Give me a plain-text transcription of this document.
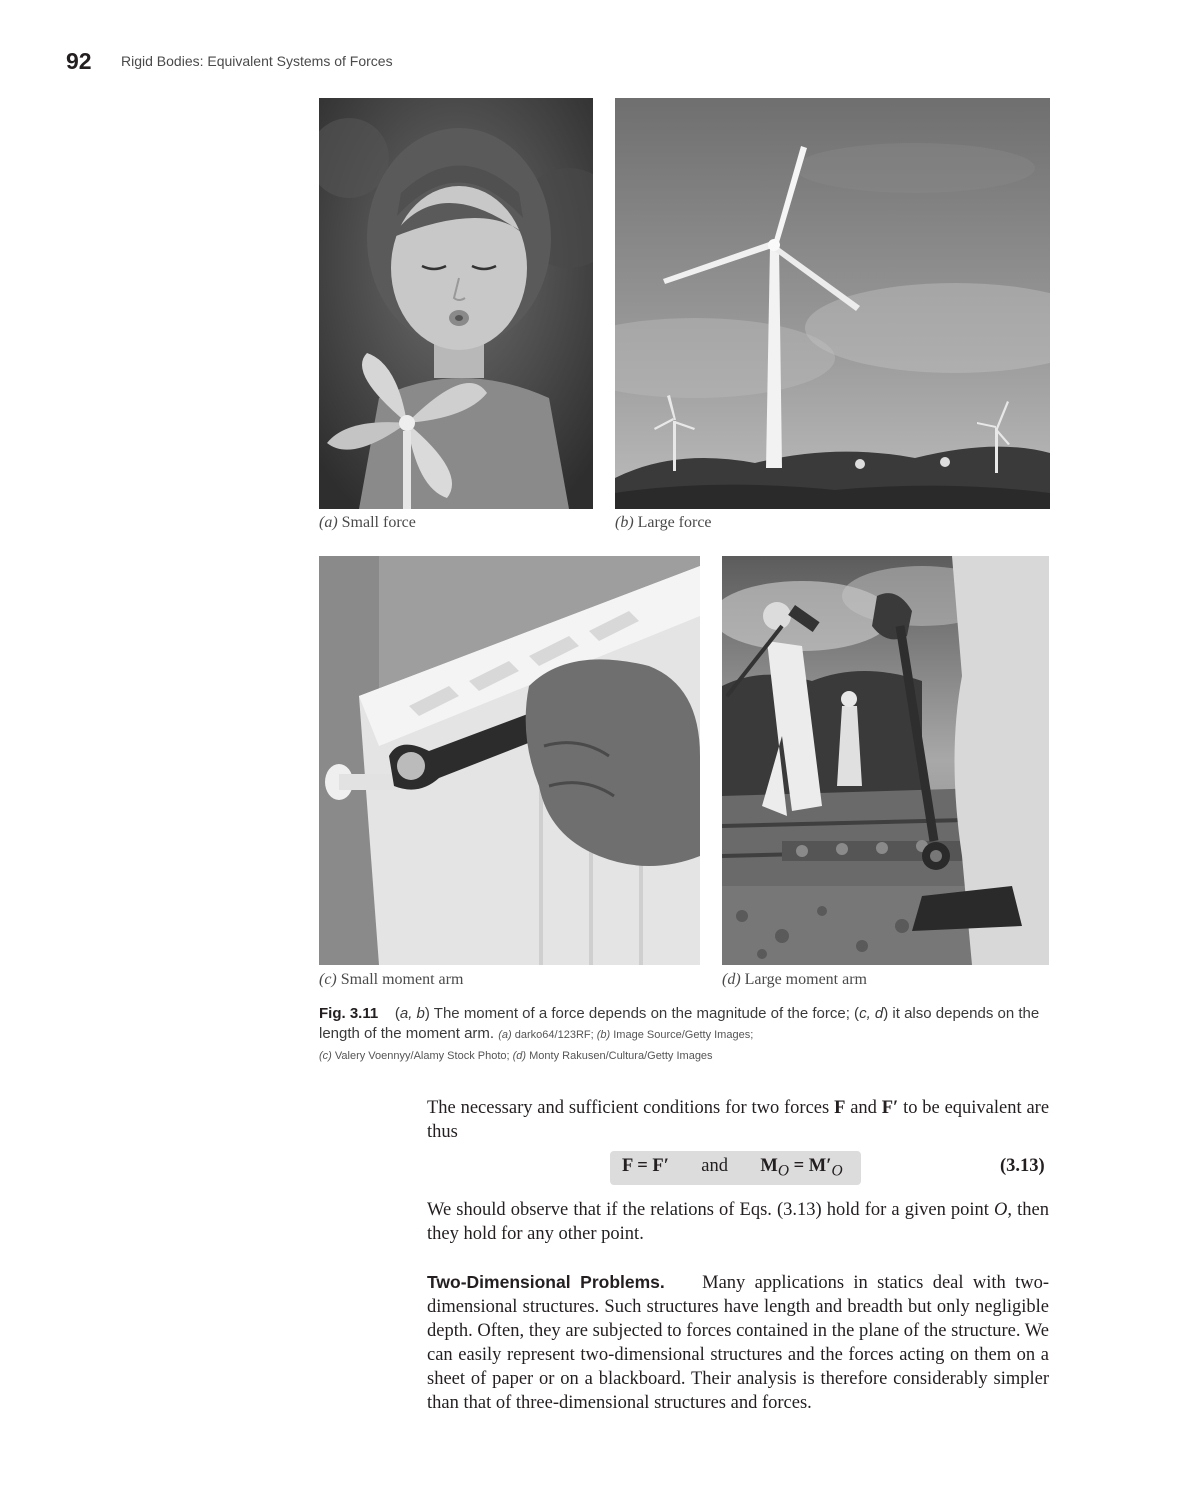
92 Rigid Bodies: Equivalent Systems of Forces
(a) Small force	(b) Large force
(c) Small moment arm	(d) Large moment arm
Fig. 3.11 (a, b) The moment of a force depends on the magnitude of the force; (c, d) it also depends on the length of the moment arm. (a) darko64/123RF; (b) Image Source/Getty Images;
(c) Valery Voennyy/Alamy Stock Photo; (d) Monty Rakusen/Cultura/Getty Images
The necessary and sufficient conditions for two forces F and F′ to be equivalent are thus
F = F′ and $M_O = M'_O$	(3.13)
We should observe that if the relations of Eqs. (3.13) hold for a given point O, then they hold for any other point.
Two-Dimensional Problems. Many applications in statics deal with two-dimensional structures. Such structures have length and breadth but only negligible depth. Often, they are subjected to forces contained in the plane of the structure. We can easily represent two-dimensional structures and the forces acting on them on a sheet of paper or on a blackboard. Their analysis is therefore considerably simpler than that of three-dimensional structures and forces.
